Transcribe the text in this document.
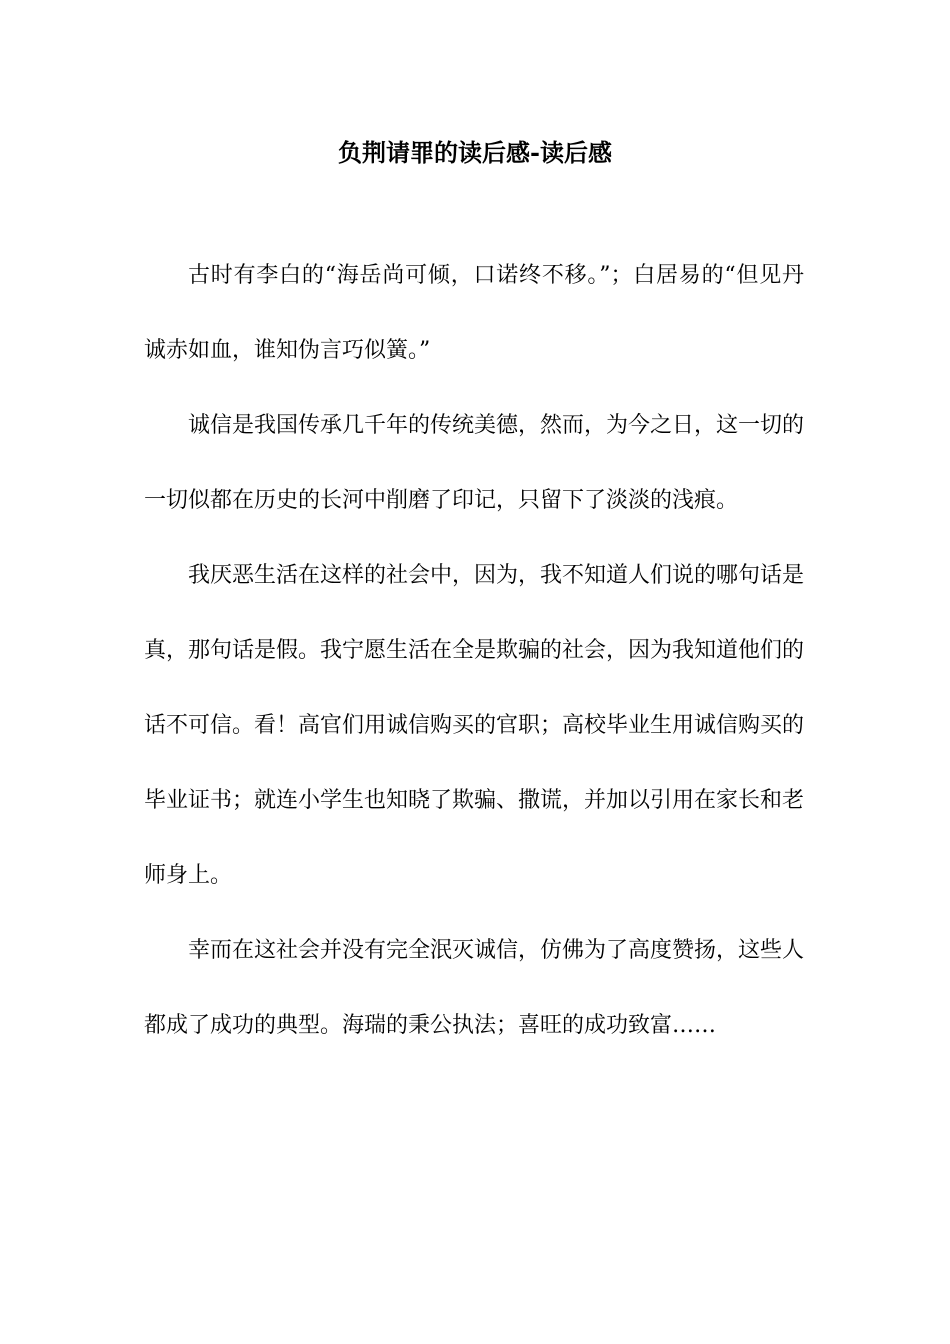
负荆请罪的读后感-读后感

古时有李白的“海岳尚可倾，口诺终不移。”；白居易的“但见丹诚赤如血，谁知伪言巧似簧。”

诚信是我国传承几千年的传统美德，然而，为今之日，这一切的一切似都在历史的长河中削磨了印记，只留下了淡淡的浅痕。

我厌恶生活在这样的社会中，因为，我不知道人们说的哪句话是真，那句话是假。我宁愿生活在全是欺骗的社会，因为我知道他们的话不可信。看！高官们用诚信购买的官职；高校毕业生用诚信购买的毕业证书；就连小学生也知晓了欺骗、撒谎，并加以引用在家长和老师身上。

幸而在这社会并没有完全泯灭诚信，仿佛为了高度赞扬，这些人都成了成功的典型。海瑞的秉公执法；喜旺的成功致富……
